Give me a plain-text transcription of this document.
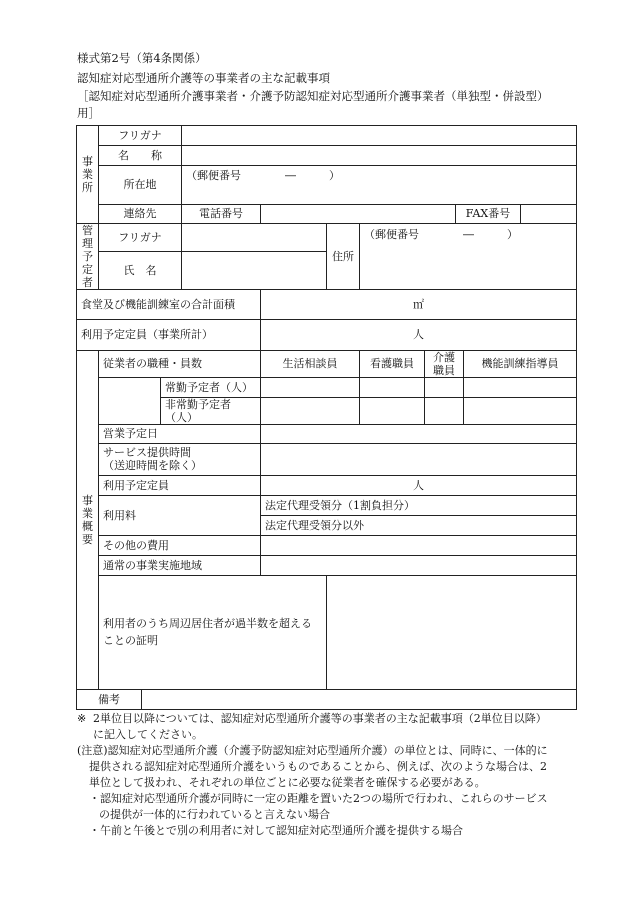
様式第2号（第4条関係）
認知症対応型通所介護等の事業者の主な記載事項
［認知症対応型通所介護事業者・介護予防認知症対応型通所介護事業者（単独型・併設型）用］
事業所	フリガナ										
	名　　称										
	所在地			（郵便番号　　　　―　　　）							

	連絡先			電話番号					FAX番号		
管理予定者	フリガナ					住所	（郵便番号　　　　―　　　）				
	氏　名										
食堂及び機能訓練室の合計面積					㎡						
利用予定定員（事業所計）					人						
事業概要	従業者の職種・員数				生活相談員		看護職員	介護職員		機能訓練指導員	
			常勤予定者（人）								
			非常勤予定者（人）								
	営業予定日										

	サービス提供時間
（送迎時間を除く）										

	利用予定定員				人						
	利用料				法定代理受領分（1割負担分）						
					法定代理受領分以外						
	その他の費用										
	通常の事業実施地域										
	利用者のうち周辺居住者が過半数を超えることの証明										
備考											
※ 2単位目以降については、認知症対応型通所介護等の事業者の主な記載事項（2単位目以降）に記入してください。
(注意)認知症対応型通所介護（介護予防認知症対応型通所介護）の単位とは、同時に、一体的に提供される認知症対応型通所介護をいうものであることから、例えば、次のような場合は、2単位として扱われ、それぞれの単位ごとに必要な従業者を確保する必要がある。
・認知症対応型通所介護が同時に一定の距離を置いた2つの場所で行われ、これらのサービスの提供が一体的に行われていると言えない場合
・午前と午後とで別の利用者に対して認知症対応型通所介護を提供する場合
